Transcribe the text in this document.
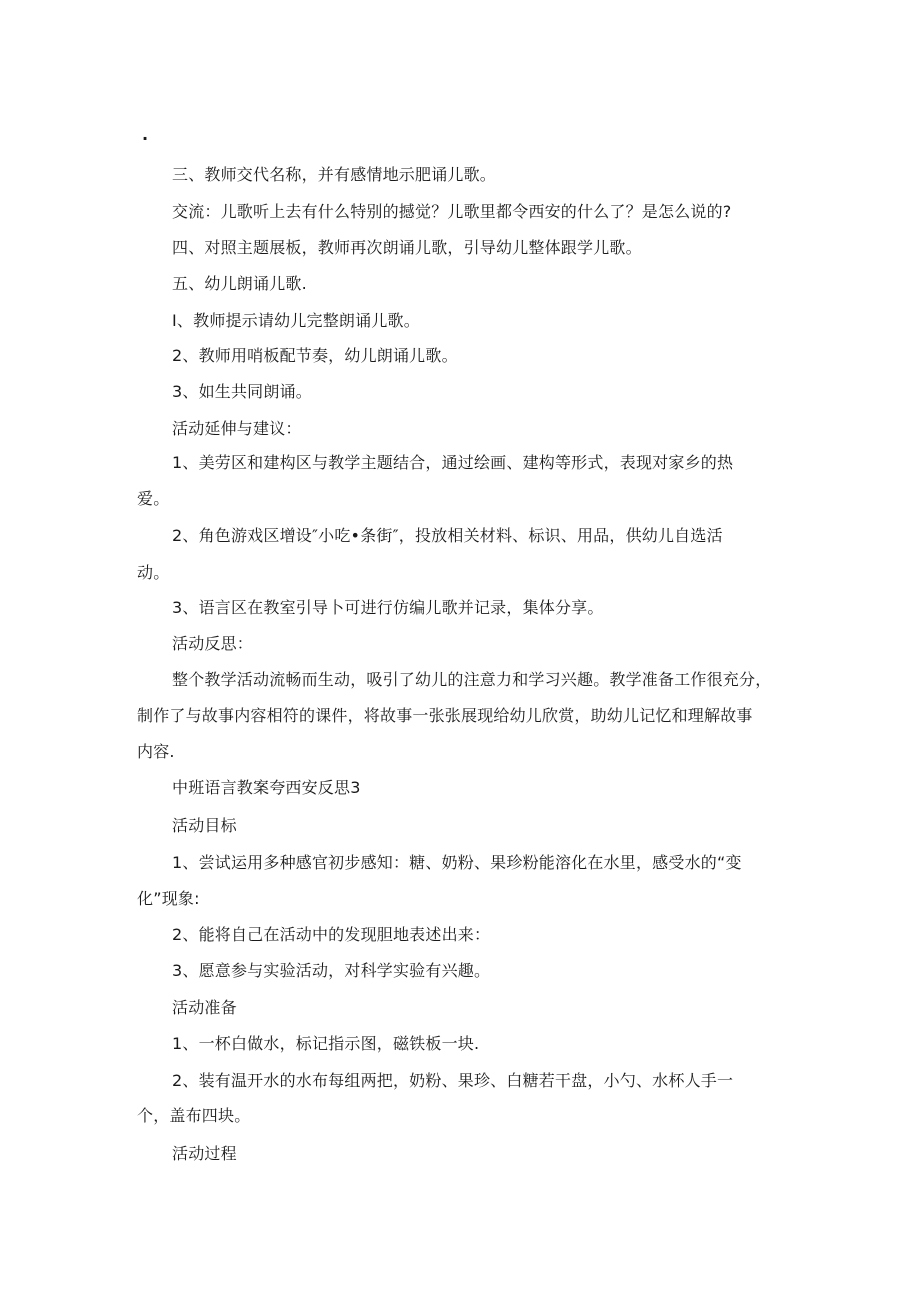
·
三、教师交代名称，并有感情地示肥诵儿歌。
交流：儿歌听上去有什么特别的撼觉？儿歌里都令西安的什么了？是怎么说的?
四、对照主题展板，教师再次朗诵儿歌，引导幼儿整体跟学儿歌。
五、幼儿朗诵儿歌.
I、教师提示请幼儿完整朗诵儿歌。
2、教师用哨板配节奏，幼儿朗诵儿歌。
3、如生共同朗诵。
活动延伸与建议：
1、美劳区和建构区与教学主题结合，通过绘画、建构等形式，表现对家乡的热
爱。
2、角色游戏区增设″小吃•条街″，投放相关材料、标识、用品，供幼儿自选活
动。
3、语言区在教室引导卜可进行仿编儿歌并记录，集体分享。
活动反思：
整个教学活动流畅而生动，吸引了幼儿的注意力和学习兴趣。教学准备工作很充分，
制作了与故事内容相符的课件，将故事一张张展现给幼儿欣赏，助幼儿记忆和理解故事
内容.
中班语言教案夸西安反思3
活动目标
1、尝试运用多种感官初步感知：糖、奶粉、果珍粉能溶化在水里，感受水的“变
化”现象:
2、能将自己在活动中的发现胆地表述出来：
3、愿意参与实验活动，对科学实验有兴趣。
活动准备
1、一杯白做水，标记指示图，磁铁板一块.
2、装有温开水的水布每组两把，奶粉、果珍、白糖若干盘，小勺、水杯人手一
个，盖布四块。
活动过程
